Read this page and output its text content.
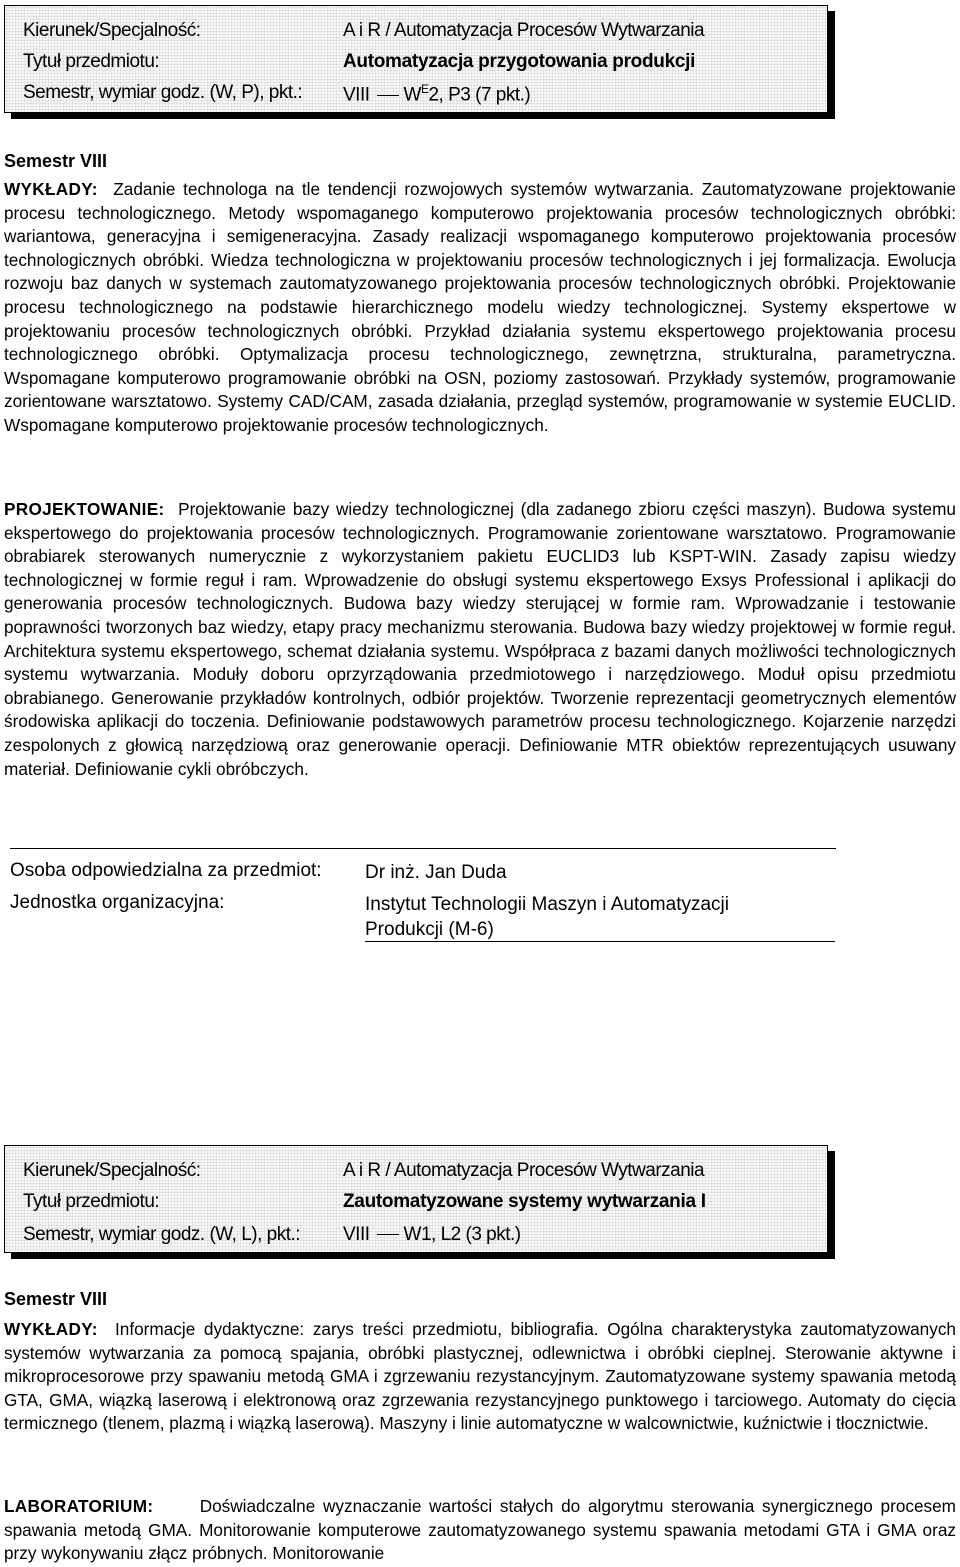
Kierunek/Specjalność:	A i R / Automatyzacja Procesów Wytwarzania
Tytuł przedmiotu:	Automatyzacja przygotowania produkcji
Semestr, wymiar godz. (W, P), pkt.: VIII $W^E2$, P3 (7 pkt.)
Semestr VIII
WYKŁADY: Zadanie technologa na tle tendencji rozwojowych systemów wytwarzania. Zautomatyzowane projektowanie procesu technologicznego. Metody wspomaganego komputerowo projektowania procesów technologicznych obróbki: wariantowa, generacyjna i semigeneracyjna. Zasady realizacji wspomaganego komputerowo projektowania procesów technologicznych obróbki. Wiedza technologiczna w projektowaniu procesów technologicznych i jej formalizacja. Ewolucja rozwoju baz danych w systemach zautomatyzowanego projektowania procesów technologicznych obróbki. Projektowanie procesu technologicznego na podstawie hierarchicznego modelu wiedzy technologicznej. Systemy ekspertowe w projektowaniu procesów technologicznych obróbki. Przykład działania systemu ekspertowego projektowania procesu technologicznego obróbki. Optymalizacja procesu technologicznego, zewnętrzna, strukturalna, parametryczna. Wspomagane komputerowo programowanie obróbki na OSN, poziomy zastosowań. Przykłady systemów, programowanie zorientowane warsztatowo. Systemy CAD/CAM, zasada działania, przegląd systemów, programowanie w systemie EUCLID. Wspomagane komputerowo projektowanie procesów technologicznych.
PROJEKTOWANIE: Projektowanie bazy wiedzy technologicznej (dla zadanego zbioru części maszyn). Budowa systemu ekspertowego do projektowania procesów technologicznych. Programowanie zorientowane warsztatowo. Programowanie obrabiarek sterowanych numerycznie z wykorzystaniem pakietu EUCLID3 lub KSPT-WIN. Zasady zapisu wiedzy technologicznej w formie reguł i ram. Wprowadzenie do obsługi systemu ekspertowego Exsys Professional i aplikacji do generowania procesów technologicznych. Budowa bazy wiedzy sterującej w formie ram. Wprowadzanie i testowanie poprawności tworzonych baz wiedzy, etapy pracy mechanizmu sterowania. Budowa bazy wiedzy projektowej w formie reguł. Architektura systemu ekspertowego, schemat działania systemu. Współpraca z bazami danych możliwości technologicznych systemu wytwarzania. Moduły doboru oprzyrządowania przedmiotowego i narzędziowego. Moduł opisu przedmiotu obrabianego. Generowanie przykładów kontrolnych, odbiór projektów. Tworzenie reprezentacji geometrycznych elementów środowiska aplikacji do toczenia. Definiowanie podstawowych parametrów procesu technologicznego. Kojarzenie narzędzi zespolonych z głowicą narzędziową oraz generowanie operacji. Definiowanie MTR obiektów reprezentujących usuwany materiał. Definiowanie cykli obróbczych.
Osoba odpowiedzialna za przedmiot: Dr inż. Jan Duda
Jednostka organizacyjna:	Instytut Technologii Maszyn i Automatyzacji Produkcji (M-6)
Kierunek/Specjalność:	A i R / Automatyzacja Procesów Wytwarzania
Tytuł przedmiotu:	Zautomatyzowane systemy wytwarzania I
Semestr, wymiar godz. (W, L), pkt.: VIII W1, L2 (3 pkt.)
Semestr VIII
WYKŁADY: Informacje dydaktyczne: zarys treści przedmiotu, bibliografia. Ogólna charakterystyka zautomatyzowanych systemów wytwarzania za pomocą spajania, obróbki plastycznej, odlewnictwa i obróbki cieplnej. Sterowanie aktywne i mikroprocesorowe przy spawaniu metodą GMA i zgrzewaniu rezystancyjnym. Zautomatyzowane systemy spawania metodą GTA, GMA, wiązką laserową i elektronową oraz zgrzewania rezystancyjnego punktowego i tarciowego. Automaty do cięcia termicznego (tlenem, plazmą i wiązką laserową). Maszyny i linie automatyczne w walcownictwie, kuźnictwie i tłocznictwie.
LABORATORIUM:	Doświadczalne wyznaczanie wartości stałych do algorytmu sterowania synergicznego procesem spawania metodą GMA. Monitorowanie komputerowe zautomatyzowanego systemu spawania metodami GTA i GMA oraz przy wykonywaniu złącz próbnych. Monitorowanie
